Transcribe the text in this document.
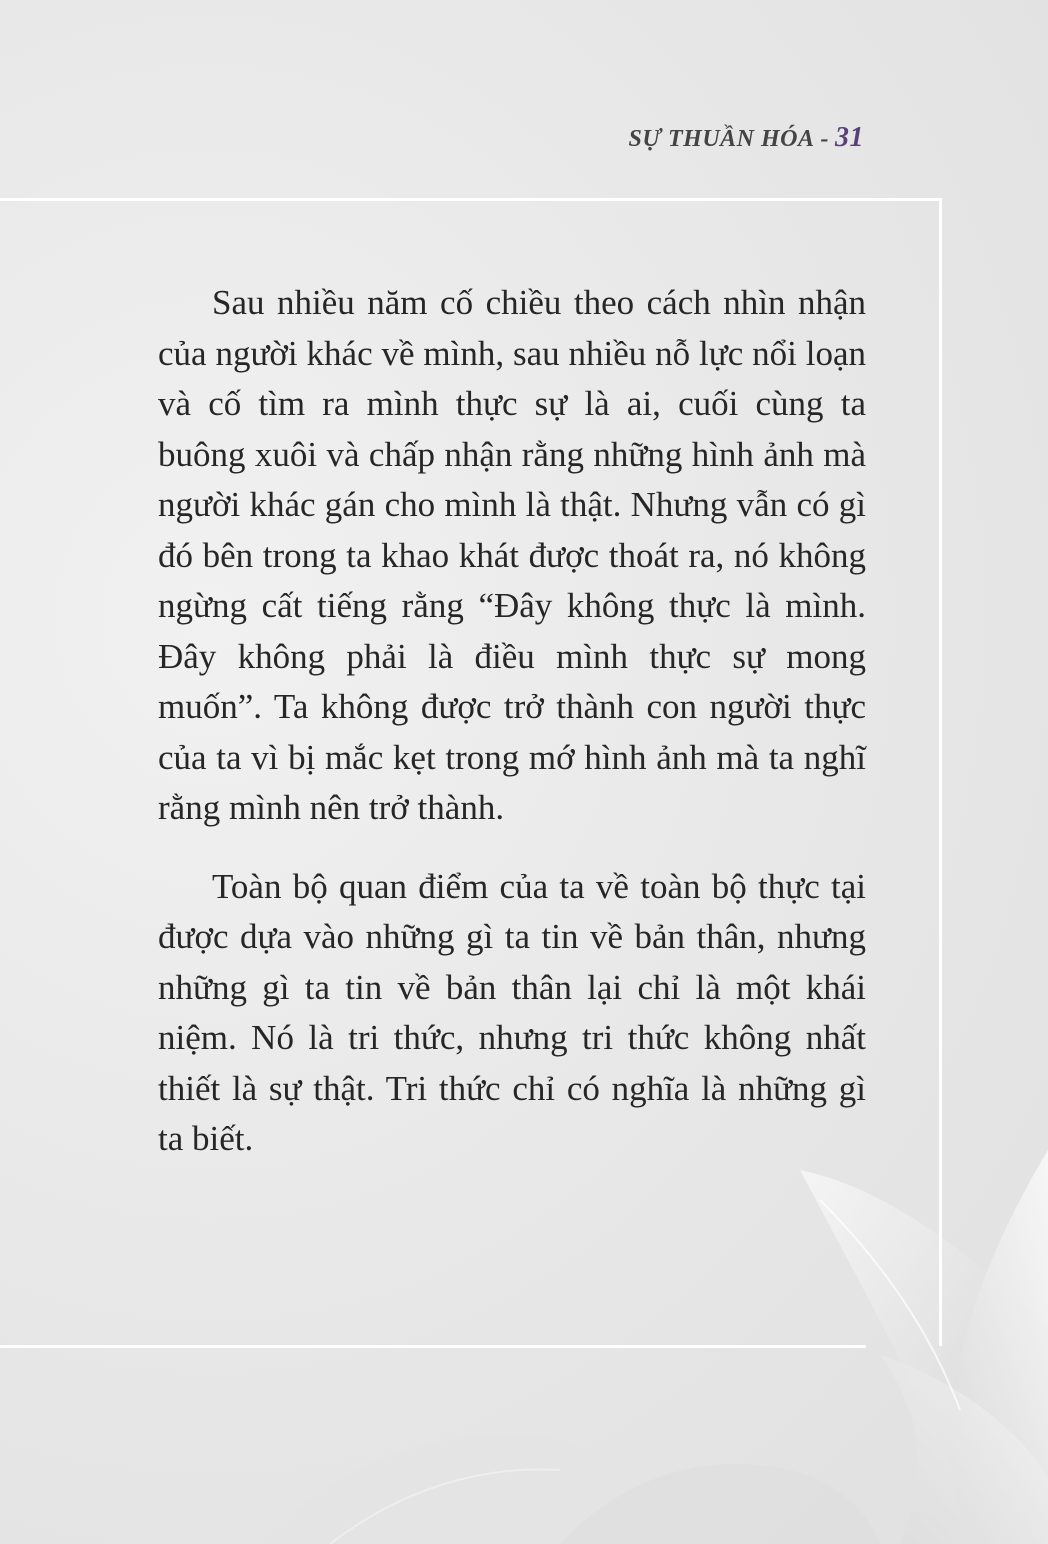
SỰ THUẦN HÓA - 31

Sau nhiều năm cố chiều theo cách nhìn nhận của người khác về mình, sau nhiều nỗ lực nổi loạn và cố tìm ra mình thực sự là ai, cuối cùng ta buông xuôi và chấp nhận rằng những hình ảnh mà người khác gán cho mình là thật. Nhưng vẫn có gì đó bên trong ta khao khát được thoát ra, nó không ngừng cất tiếng rằng “Đây không thực là mình. Đây không phải là điều mình thực sự mong muốn”. Ta không được trở thành con người thực của ta vì bị mắc kẹt trong mớ hình ảnh mà ta nghĩ rằng mình nên trở thành.

Toàn bộ quan điểm của ta về toàn bộ thực tại được dựa vào những gì ta tin về bản thân, nhưng những gì ta tin về bản thân lại chỉ là một khái niệm. Nó là tri thức, nhưng tri thức không nhất thiết là sự thật. Tri thức chỉ có nghĩa là những gì ta biết.
